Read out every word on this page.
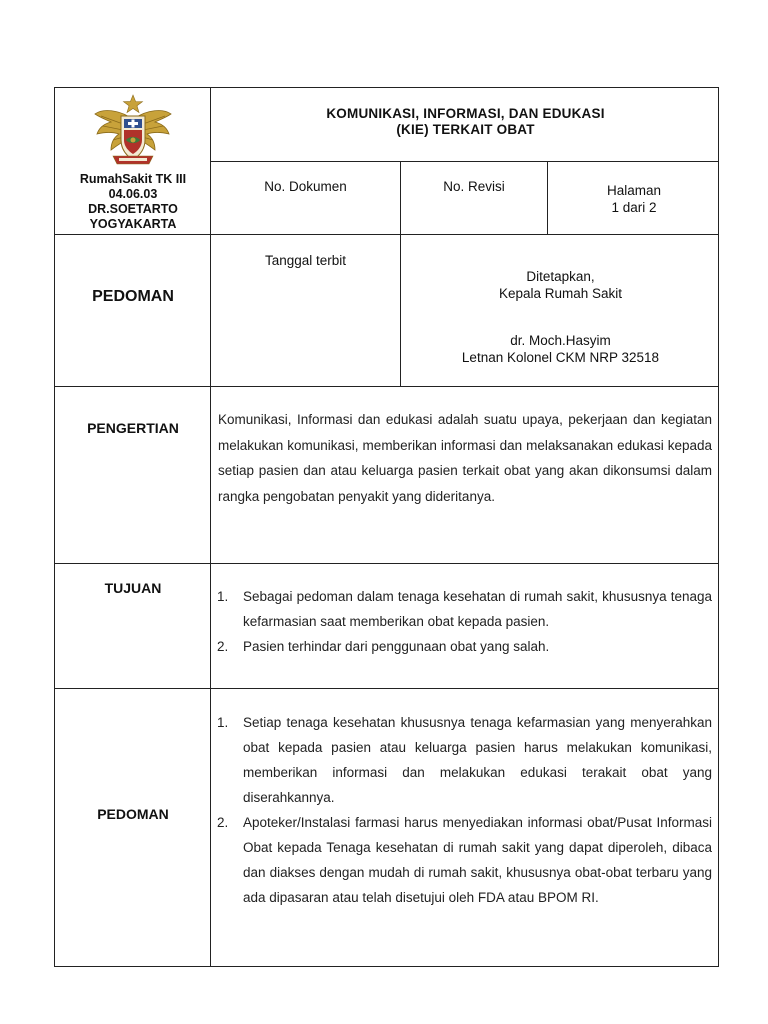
RumahSakit TK III
04.06.03
DR.SOETARTO
YOGYAKARTA
KOMUNIKASI, INFORMASI, DAN EDUKASI
(KIE) TERKAIT OBAT
No. Dokumen	No. Revisi	Halaman
1 dari 2
PEDOMAN
Tanggal terbit
Ditetapkan,
Kepala Rumah Sakit
dr. Moch.Hasyim
Letnan Kolonel CKM NRP 32518
PENGERTIAN
Komunikasi, Informasi dan edukasi adalah suatu upaya, pekerjaan dan kegiatan melakukan komunikasi, memberikan informasi dan melaksanakan edukasi kepada setiap pasien dan atau keluarga pasien terkait obat yang akan dikonsumsi dalam rangka pengobatan penyakit yang dideritanya.
TUJUAN
1. Sebagai pedoman dalam tenaga kesehatan di rumah sakit, khususnya tenaga kefarmasian saat memberikan obat kepada pasien.
2. Pasien terhindar dari penggunaan obat yang salah.
PEDOMAN
1. Setiap tenaga kesehatan khususnya tenaga kefarmasian yang menyerahkan obat kepada pasien atau keluarga pasien harus melakukan komunikasi, memberikan informasi dan melakukan edukasi terakait obat yang diserahkannya.
2. Apoteker/Instalasi farmasi harus menyediakan informasi obat/Pusat Informasi Obat kepada Tenaga kesehatan di rumah sakit yang dapat diperoleh, dibaca dan diakses dengan mudah di rumah sakit, khususnya obat-obat terbaru yang ada dipasaran atau telah disetujui oleh FDA atau BPOM RI.
